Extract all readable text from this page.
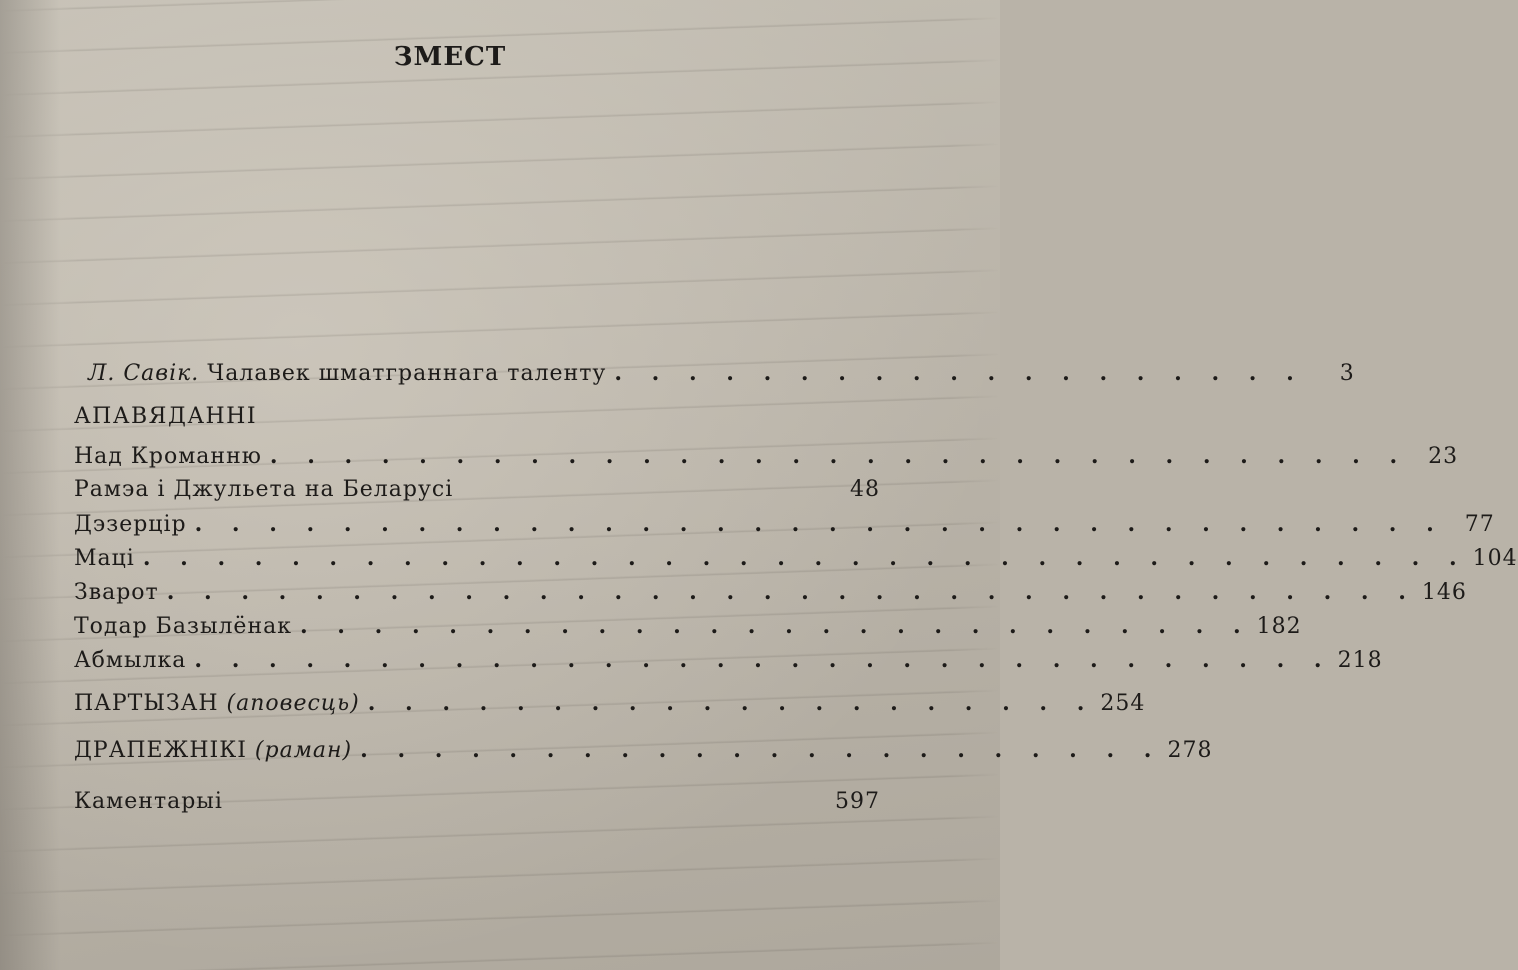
ЗМЕСТ
Л. Савік. Чалавек шматграннага таленту . . . . . . . . . . . . . . . . . . .	3
АПАВЯДАННІ
Над Кроманню . . . . . . . . . . . . . . . . . . . . . . . . . . . . . . . 23
Рамэа і Джульета на Беларусі	48
Дэзерцір . . . . . . . . . . . . . . . . . . . . . . . . . . . . . . . . . . 77
Маці . . . . . . . . . . . . . . . . . . . . . . . . . . . . . . . . . . . . 104
Зварот . . . . . . . . . . . . . . . . . . . . . . . . . . . . . . . . . . 146
Тодар Базылёнак . . . . . . . . . . . . . . . . . . . . . . . . . . 182
Абмылка . . . . . . . . . . . . . . . . . . . . . . . . . . . . . . . 218
ПАРТЫЗАН (аповесць) . . . . . . . . . . . . . . . . . . . . 254
ДРАПЕЖНІКІ (раман) . . . . . . . . . . . . . . . . . . . . . . 278
Каментарыі	597
